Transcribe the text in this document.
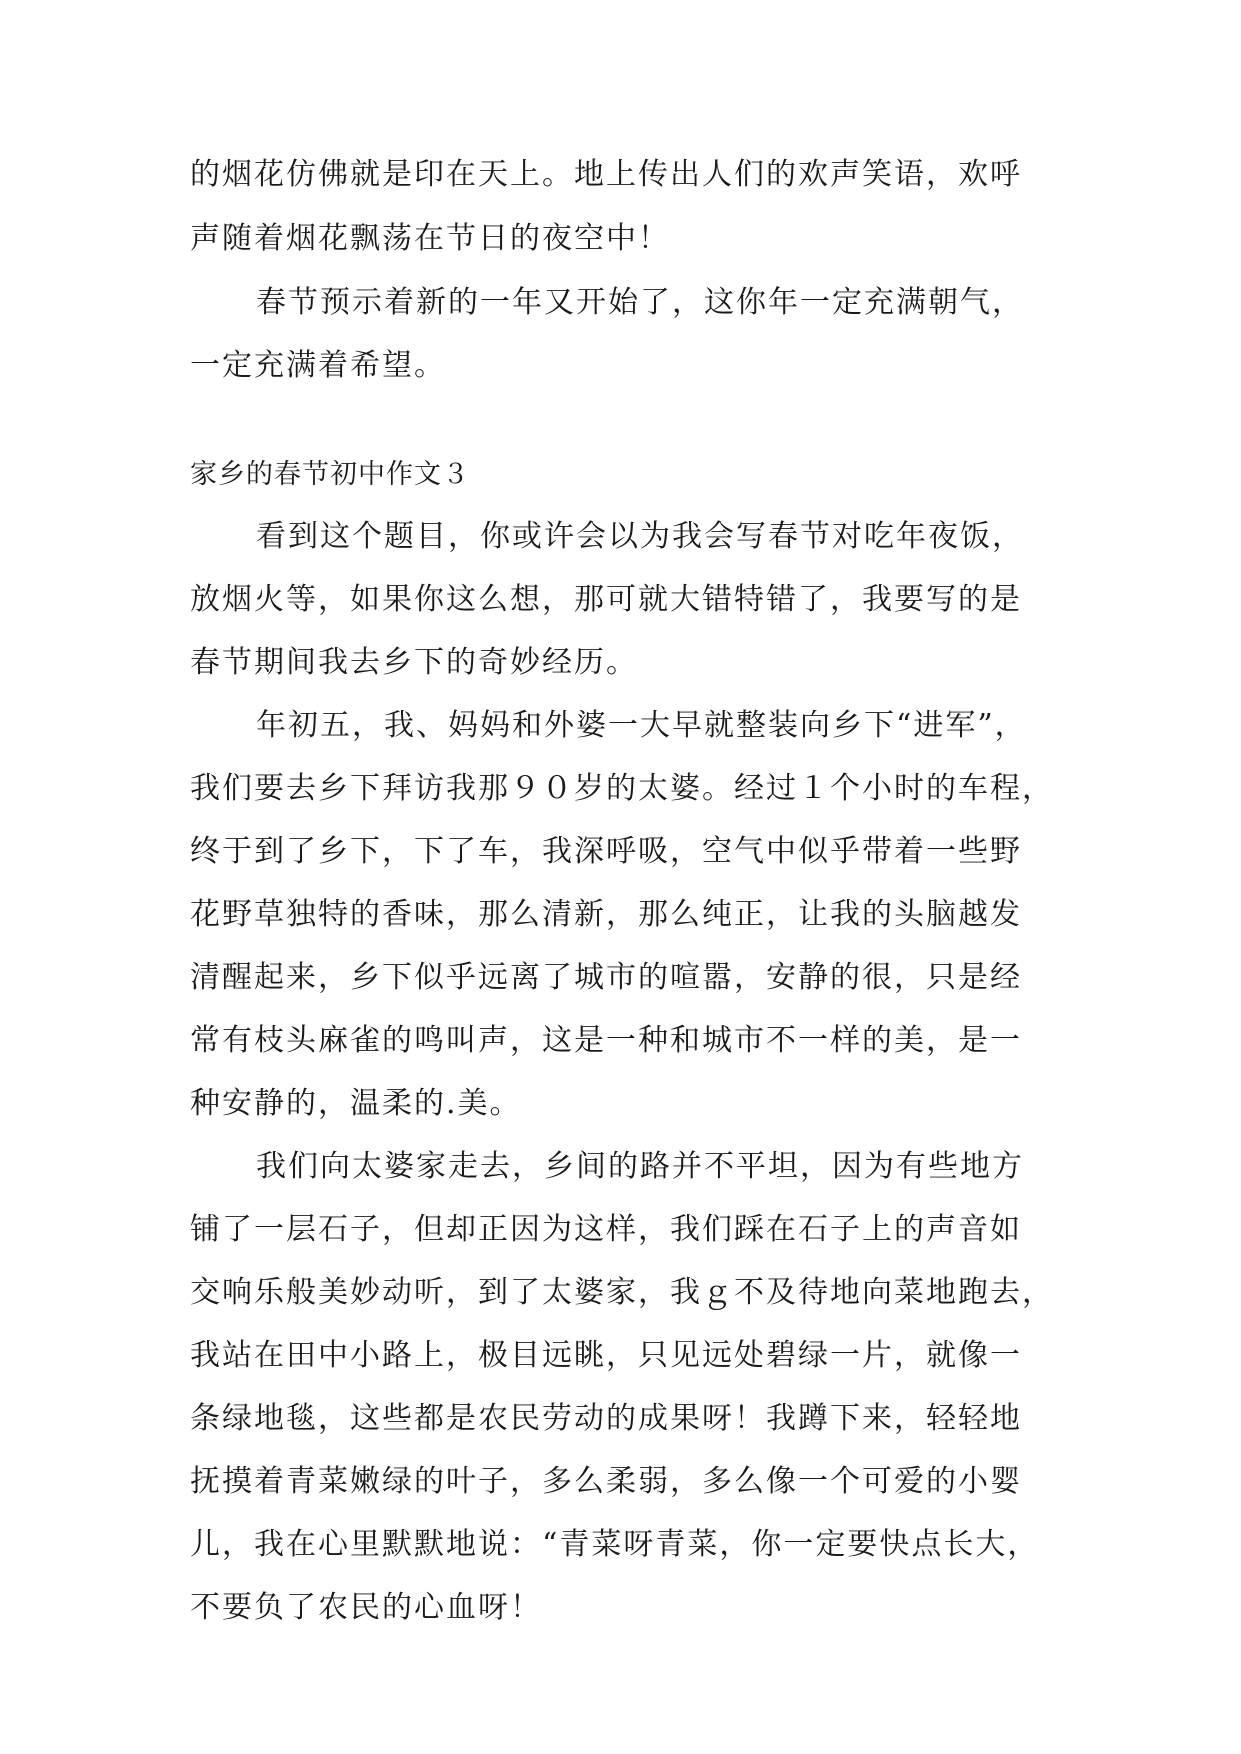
的烟花仿佛就是印在天上。地上传出人们的欢声笑语，欢呼
声随着烟花飘荡在节日的夜空中！
春节预示着新的一年又开始了，这你年一定充满朝气，
一定充满着希望。
家乡的春节初中作文３
看到这个题目，你或许会以为我会写春节对吃年夜饭，
放烟火等，如果你这么想，那可就大错特错了，我要写的是
春节期间我去乡下的奇妙经历。
年初五，我、妈妈和外婆一大早就整装向乡下“进军”，
我们要去乡下拜访我那９０岁的太婆。经过１个小时的车程，
终于到了乡下，下了车，我深呼吸，空气中似乎带着一些野
花野草独特的香味，那么清新，那么纯正，让我的头脑越发
清醒起来，乡下似乎远离了城市的喧嚣，安静的很，只是经
常有枝头麻雀的鸣叫声，这是一种和城市不一样的美，是一
种安静的，温柔的.美。
我们向太婆家走去，乡间的路并不平坦，因为有些地方
铺了一层石子，但却正因为这样，我们踩在石子上的声音如
交响乐般美妙动听，到了太婆家，我ｇ不及待地向菜地跑去，
我站在田中小路上，极目远眺，只见远处碧绿一片，就像一
条绿地毯，这些都是农民劳动的成果呀！我蹲下来，轻轻地
抚摸着青菜嫩绿的叶子，多么柔弱，多么像一个可爱的小婴
儿，我在心里默默地说：“青菜呀青菜，你一定要快点长大，
不要负了农民的心血呀！
